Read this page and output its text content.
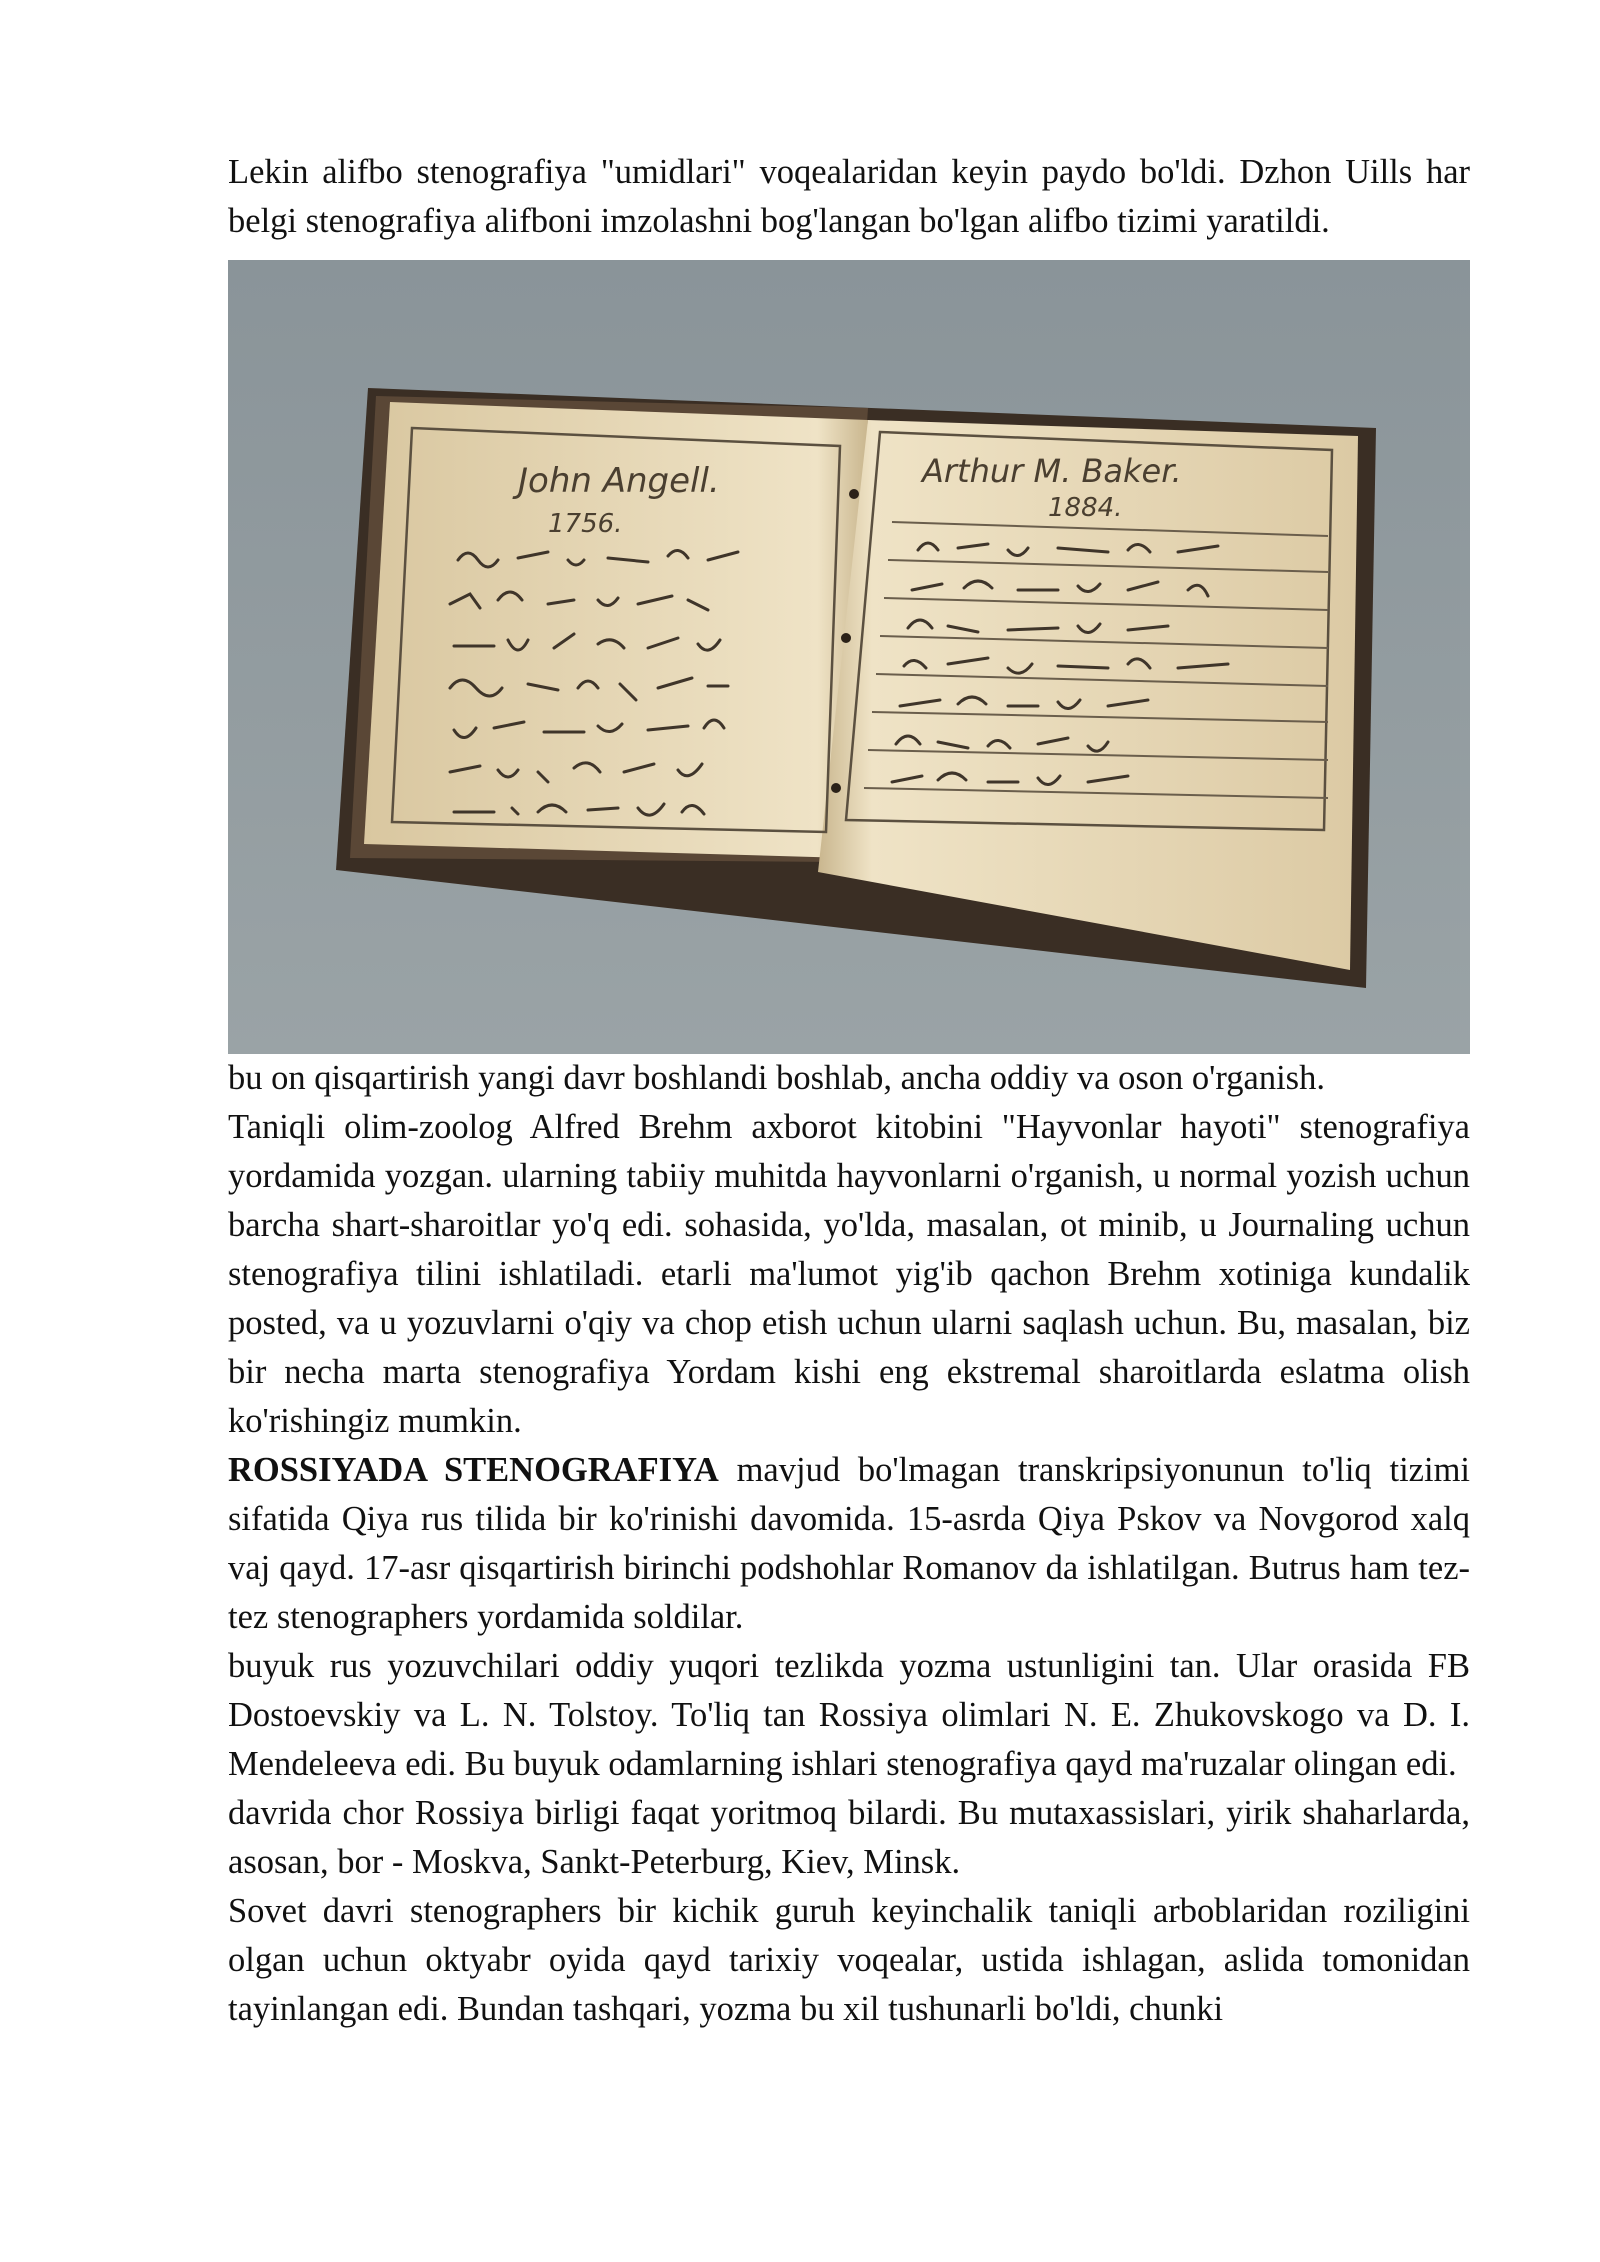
Lekin alifbo stenografiya "umidlari" voqealaridan keyin paydo bo'ldi. Dzhon Uills har belgi stenografiya alifboni imzolashni bog'langan bo'lgan alifbo tizimi yaratildi.

John Angell.
1756.
Arthur M. Baker.
1884.

bu on qisqartirish yangi davr boshlandi boshlab, ancha oddiy va oson o'rganish.

Taniqli olim-zoolog Alfred Brehm axborot kitobini "Hayvonlar hayoti" stenografiya yordamida yozgan. ularning tabiiy muhitda hayvonlarni o'rganish, u normal yozish uchun barcha shart-sharoitlar yo'q edi. sohasida, yo'ldа, masalan, ot minib, u Journaling uchun stenografiya tilini ishlatiladi. etarli ma'lumot yig'ib qachon Brehm xotiniga kundalik posted, va u yozuvlarni o'qiy va chop etish uchun ularni saqlash uchun. Bu, masalan, biz bir necha marta stenografiya Yordam kishi eng ekstremal sharoitlarda eslatma olish ko'rishingiz mumkin.

ROSSIYADA STENOGRAFIYA mavjud bo'lmagan transkripsiyonunun to'liq tizimi sifatida Qiya rus tilida bir ko'rinishi davomida. 15-asrda Qiya Pskov va Novgorod xalq vaj qayd. 17-asr qisqartirish birinchi podshohlar Romanov da ishlatilgan. Butrus ham tez-tez stenographers yordamida soldilar.

buyuk rus yozuvchilari oddiy yuqori tezlikda yozma ustunligini tan. Ular orasida FB Dostoevskiy va L. N. Tolstoy. To'liq tan Rossiya olimlari N. E. Zhukovskogo va D. I. Mendeleeva edi. Bu buyuk odamlarning ishlari stenografiya qayd ma'ruzalar olingan edi.

davrida chor Rossiya birligi faqat yoritmoq bilardi. Bu mutaxassislari, yirik shaharlarda, asosan, bor - Moskva, Sankt-Peterburg, Kiev, Minsk.

Sovet davri stenographers bir kichik guruh keyinchalik taniqli arboblaridan roziligini olgan uchun oktyabr oyida qayd tarixiy voqealar, ustida ishlagan, aslida tomonidan tayinlangan edi. Bundan tashqari, yozma bu xil tushunarli bo'ldi, chunki
